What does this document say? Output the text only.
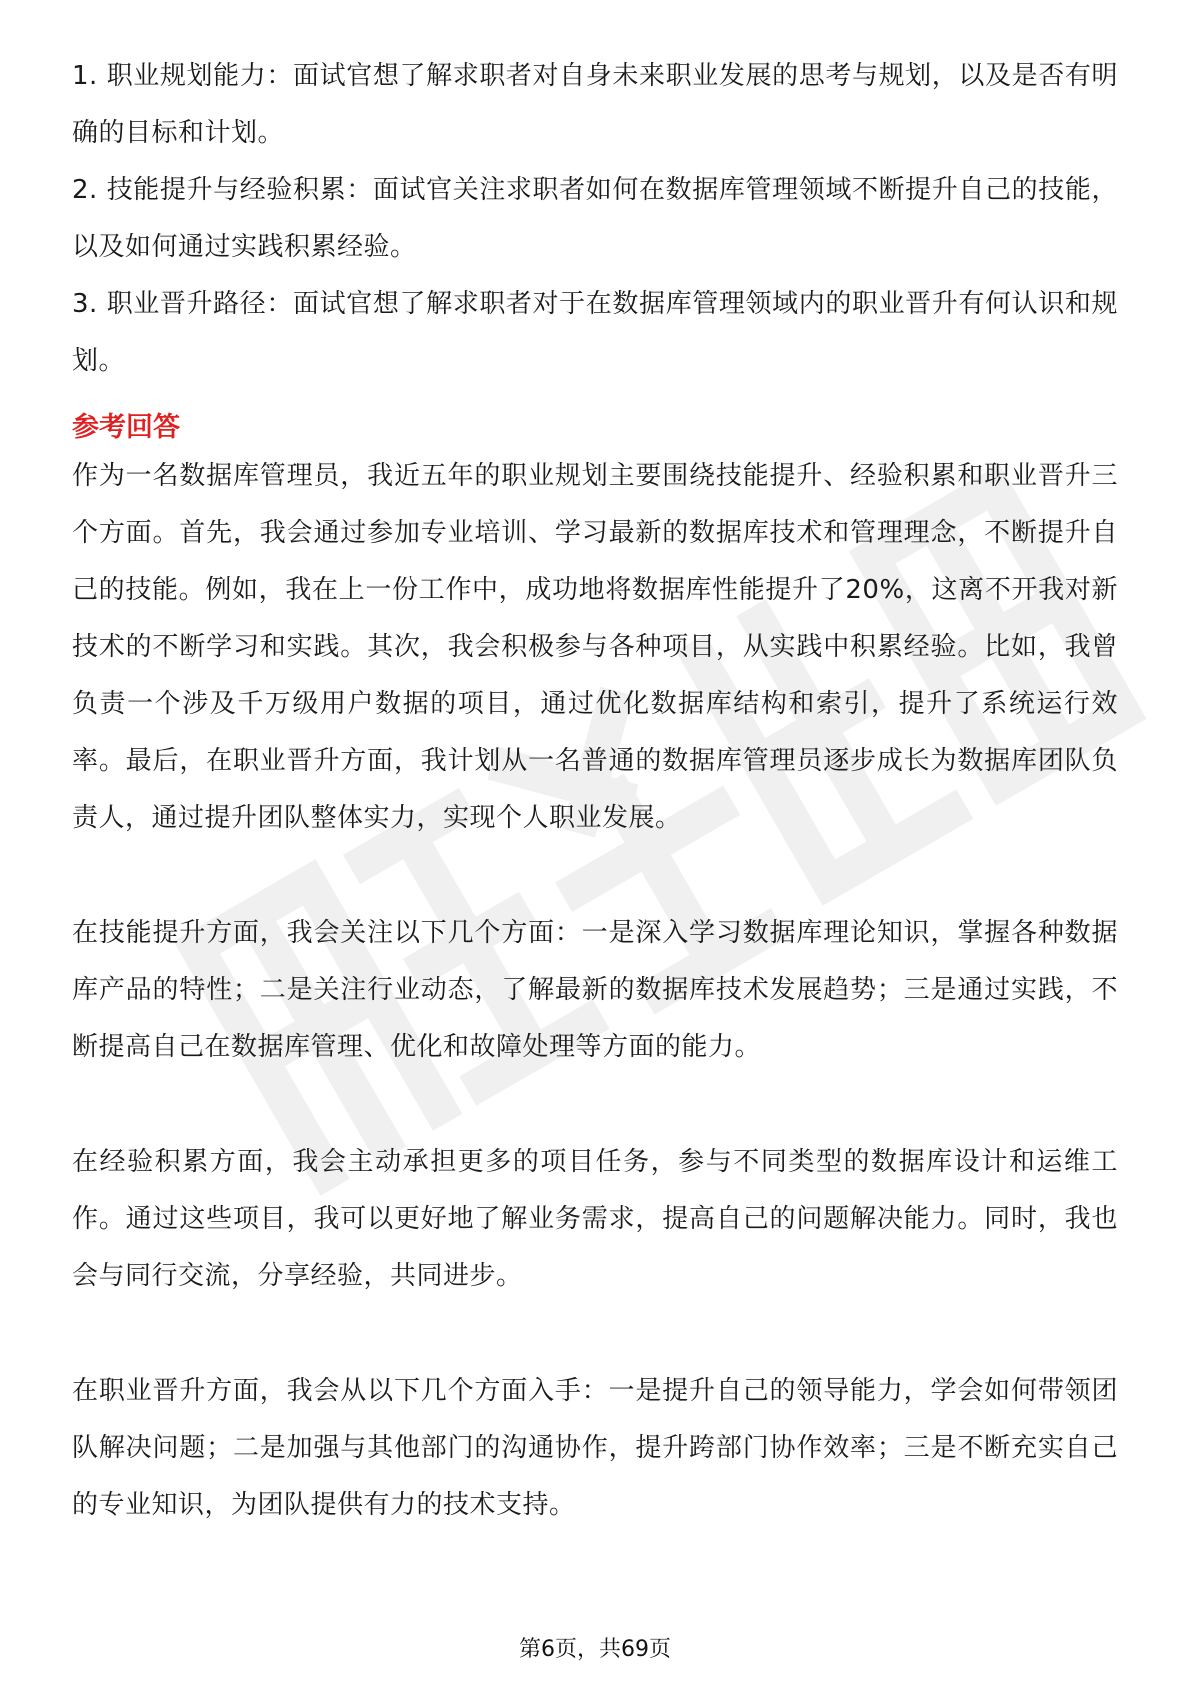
1. 职业规划能力：面试官想了解求职者对自身未来职业发展的思考与规划，以及是否有明确的目标和计划。

2. 技能提升与经验积累：面试官关注求职者如何在数据库管理领域不断提升自己的技能，以及如何通过实践积累经验。

3. 职业晋升路径：面试官想了解求职者对于在数据库管理领域内的职业晋升有何认识和规划。

参考回答

作为一名数据库管理员，我近五年的职业规划主要围绕技能提升、经验积累和职业晋升三个方面。首先，我会通过参加专业培训、学习最新的数据库技术和管理理念，不断提升自己的技能。例如，我在上一份工作中，成功地将数据库性能提升了20%，这离不开我对新技术的不断学习和实践。其次，我会积极参与各种项目，从实践中积累经验。比如，我曾负责一个涉及千万级用户数据的项目，通过优化数据库结构和索引，提升了系统运行效率。最后，在职业晋升方面，我计划从一名普通的数据库管理员逐步成长为数据库团队负责人，通过提升团队整体实力，实现个人职业发展。

在技能提升方面，我会关注以下几个方面：一是深入学习数据库理论知识，掌握各种数据库产品的特性；二是关注行业动态，了解最新的数据库技术发展趋势；三是通过实践，不断提高自己在数据库管理、优化和故障处理等方面的能力。

在经验积累方面，我会主动承担更多的项目任务，参与不同类型的数据库设计和运维工作。通过这些项目，我可以更好地了解业务需求，提高自己的问题解决能力。同时，我也会与同行交流，分享经验，共同进步。

在职业晋升方面，我会从以下几个方面入手：一是提升自己的领导能力，学会如何带领团队解决问题；二是加强与其他部门的沟通协作，提升跨部门协作效率；三是不断充实自己的专业知识，为团队提供有力的技术支持。

第6页，共69页
